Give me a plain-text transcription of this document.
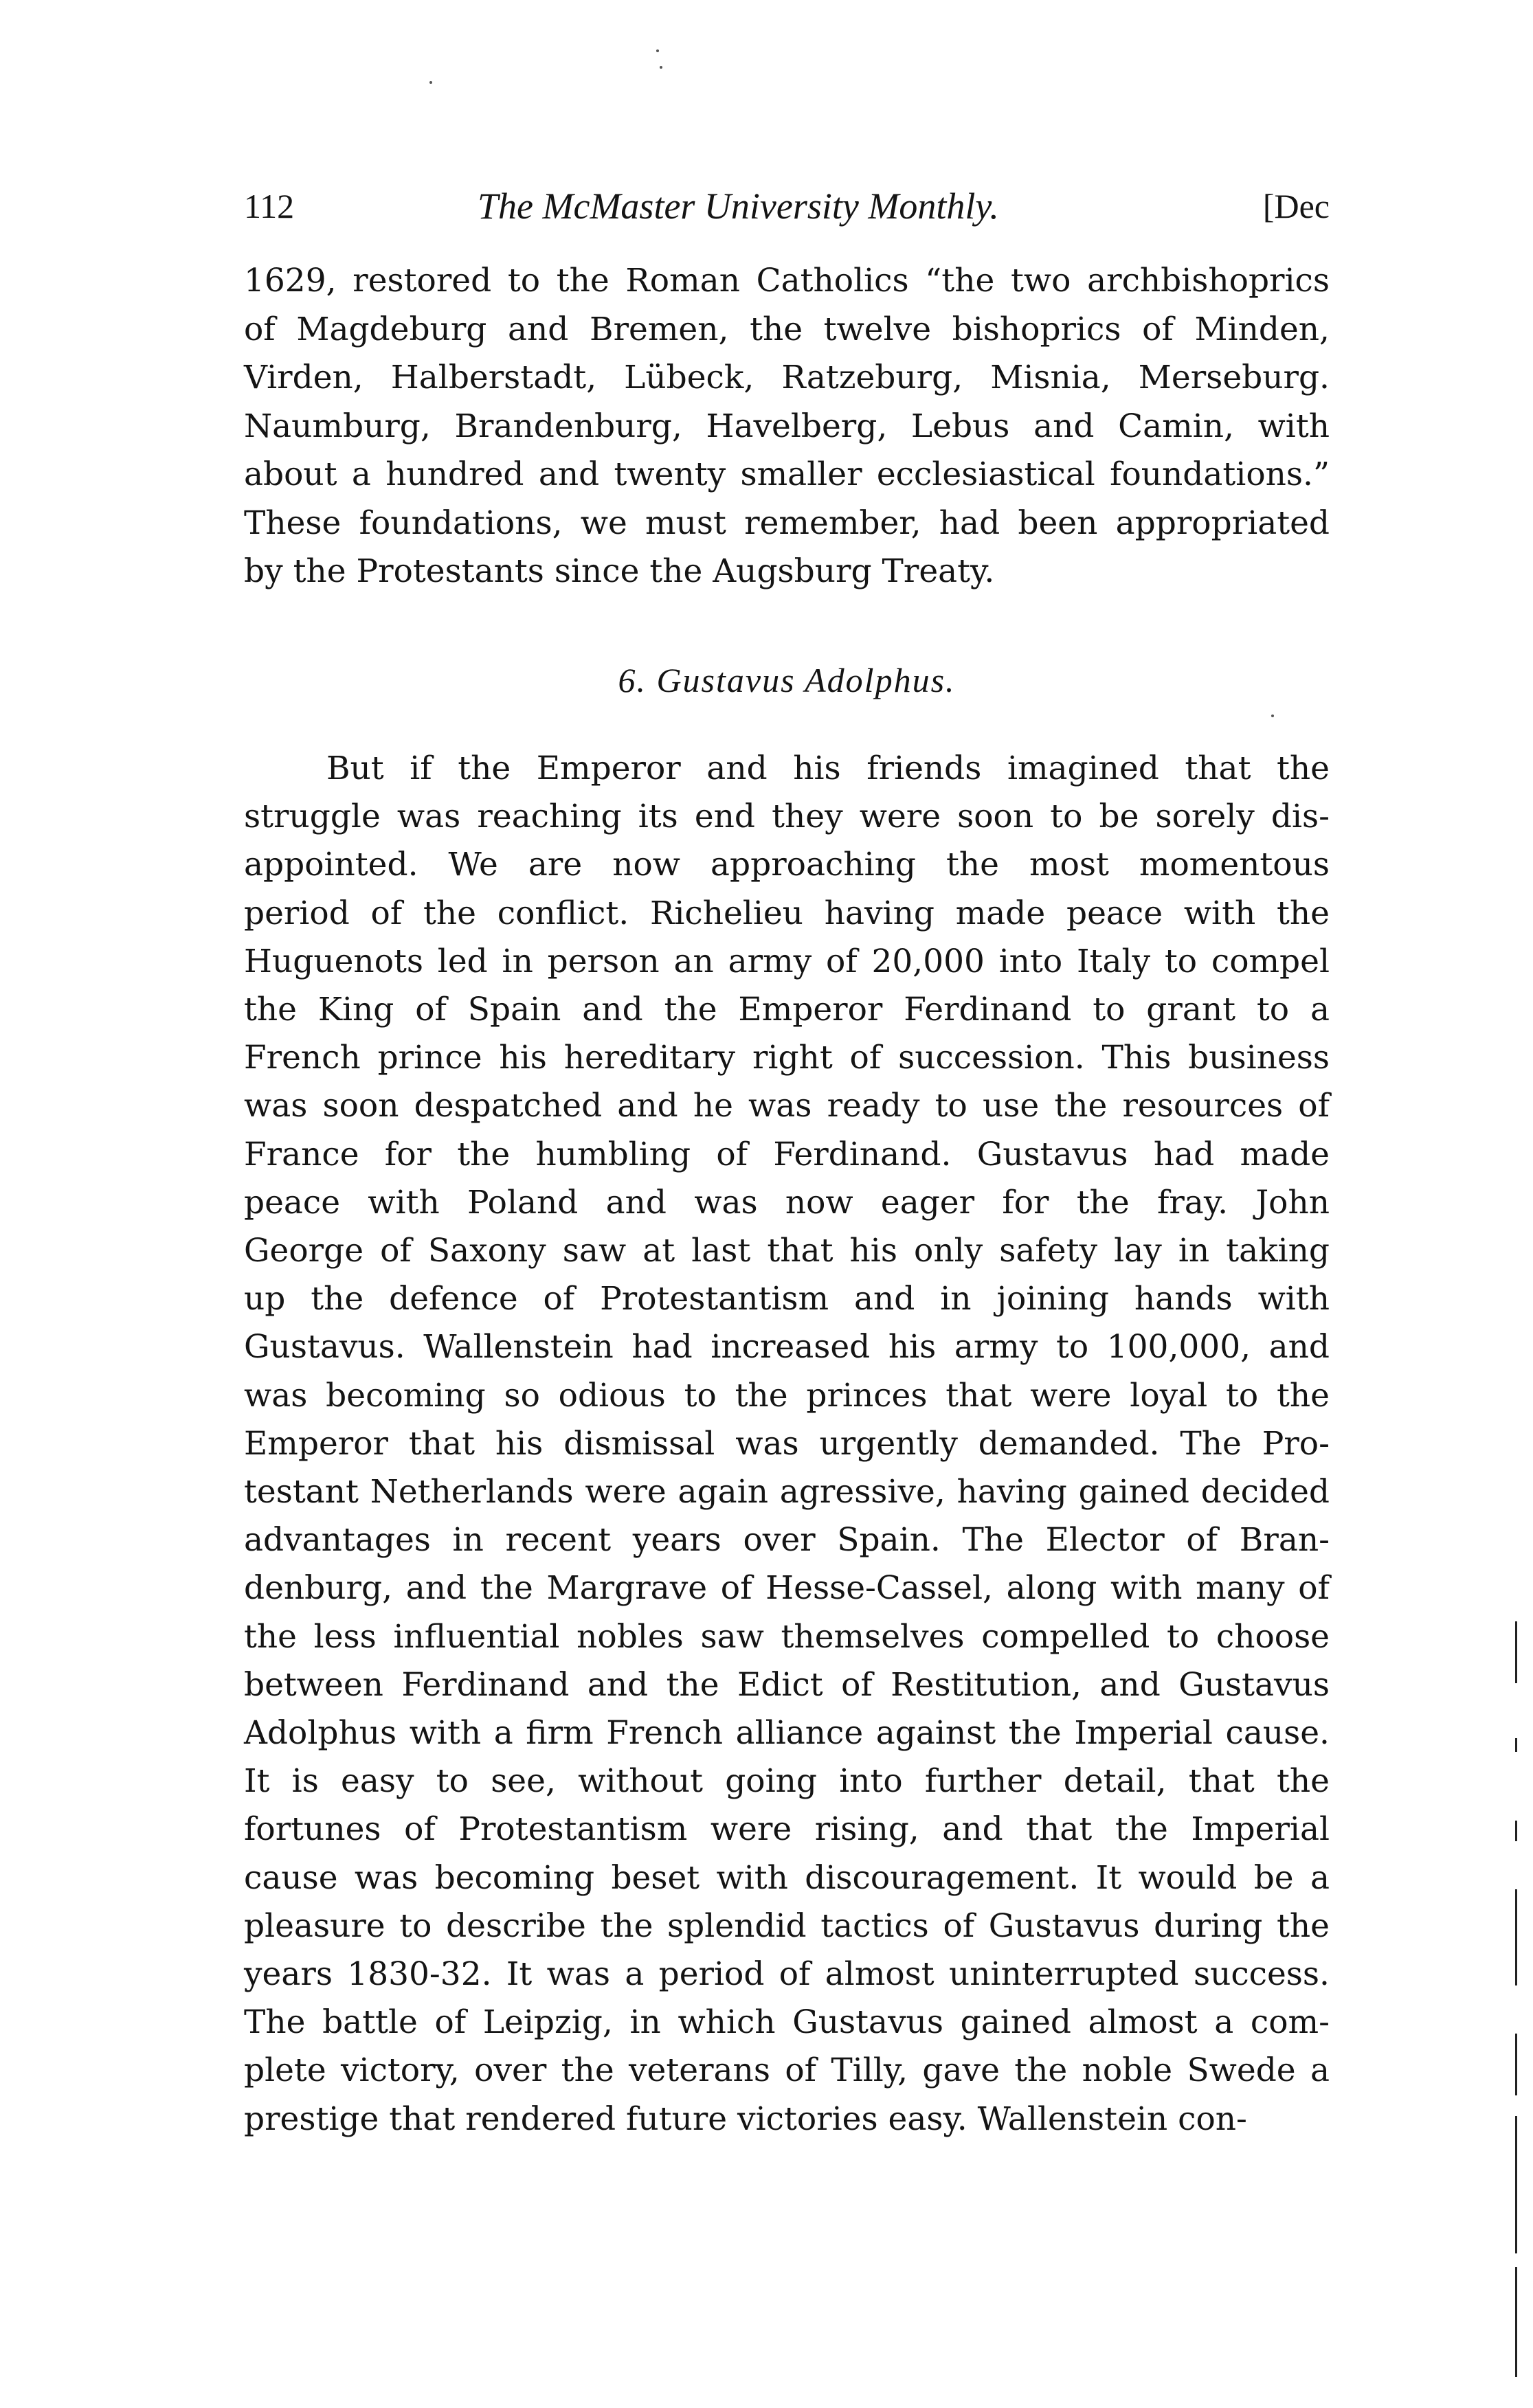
112	The McMaster University Monthly.	[Dec
1629, restored to the Roman Catholics “the two archbishoprics
of Magdeburg and Bremen, the twelve bishoprics of Minden,
Virden, Halberstadt, Lübeck, Ratzeburg, Misnia, Merseburg.
Naumburg, Brandenburg, Havelberg, Lebus and Camin, with
about a hundred and twenty smaller ecclesiastical foundations.”
These foundations, we must remember, had been appropriated
by the Protestants since the Augsburg Treaty.
6. Gustavus Adolphus.
But if the Emperor and his friends imagined that the
struggle was reaching its end they were soon to be sorely dis-
appointed. We are now approaching the most momentous
period of the conflict. Richelieu having made peace with the
Huguenots led in person an army of 20,000 into Italy to compel
the King of Spain and the Emperor Ferdinand to grant to a
French prince his hereditary right of succession. This business
was soon despatched and he was ready to use the resources of
France for the humbling of Ferdinand. Gustavus had made
peace with Poland and was now eager for the fray. John
George of Saxony saw at last that his only safety lay in taking
up the defence of Protestantism and in joining hands with
Gustavus. Wallenstein had increased his army to 100,000, and
was becoming so odious to the princes that were loyal to the
Emperor that his dismissal was urgently demanded. The Pro-
testant Netherlands were again agressive, having gained decided
advantages in recent years over Spain. The Elector of Bran-
denburg, and the Margrave of Hesse-Cassel, along with many of
the less influential nobles saw themselves compelled to choose
between Ferdinand and the Edict of Restitution, and Gustavus
Adolphus with a firm French alliance against the Imperial cause.
It is easy to see, without going into further detail, that the
fortunes of Protestantism were rising, and that the Imperial
cause was becoming beset with discouragement. It would be a
pleasure to describe the splendid tactics of Gustavus during the
years 1830-32. It was a period of almost uninterrupted success.
The battle of Leipzig, in which Gustavus gained almost a com-
plete victory, over the veterans of Tilly, gave the noble Swede a
prestige that rendered future victories easy. Wallenstein con-
